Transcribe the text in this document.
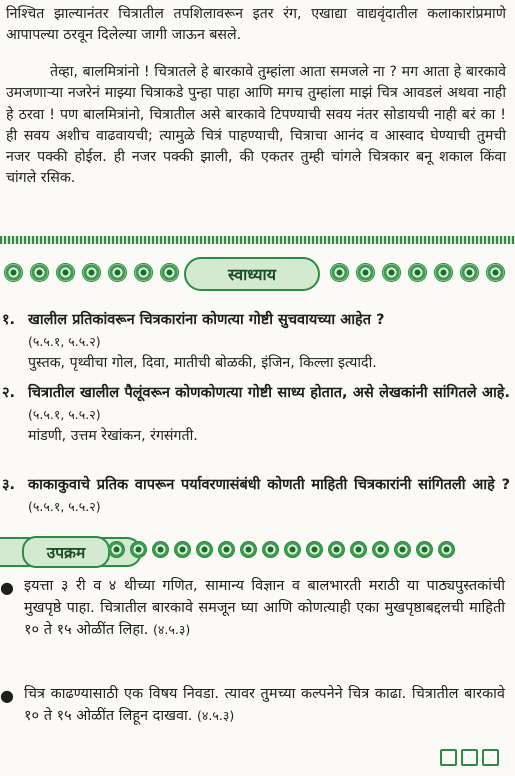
निश्चित झाल्यानंतर चित्रातील तपशिलावरून इतर रंग, एखाद्या वाद्यवृंदातील कलाकारांप्रमाणे आपापल्या ठरवून दिलेल्या जागी जाऊन बसले.

तेव्हा, बालमित्रांनो ! चित्रातले हे बारकावे तुम्हांला आता समजले ना ? मग आता हे बारकावे उमजणाऱ्या नजरेनं माझ्या चित्राकडे पुन्हा पाहा आणि मगच तुम्हांला माझं चित्र आवडलं अथवा नाही हे ठरवा ! पण बालमित्रांनो, चित्रातील असे बारकावे टिपण्याची सवय नंतर सोडायची नाही बरं का ! ही सवय अशीच वाढवायची; त्यामुळे चित्रं पाहण्याची, चित्राचा आनंद व आस्वाद घेण्याची तुमची नजर पक्की होईल. ही नजर पक्की झाली, की एकतर तुम्ही चांगले चित्रकार बनू शकाल किंवा चांगले रसिक.

स्वाध्याय
१. खालील प्रतिकांवरून चित्रकारांना कोणत्या गोष्टी सुचवायच्या आहेत ?
(५.५.१, ५.५.२)
पुस्तक, पृथ्वीचा गोल, दिवा, मातीची बोळकी, इंजिन, किल्ला इत्यादी.
२. चित्रातील खालील पैलूंवरून कोणकोणत्या गोष्टी साध्य होतात, असे लेखकांनी सांगितले आहे. (५.५.१, ५.५.२)
मांडणी, उत्तम रेखांकन, रंगसंगती.
३. काकाकुवाचे प्रतिक वापरून पर्यावरणासंबंधी कोणती माहिती चित्रकारांनी सांगितली आहे ? (५.५.१, ५.५.२)
उपक्रम
● इयत्ता ३ री व ४ थीच्या गणित, सामान्य विज्ञान व बालभारती मराठी या पाठ्यपुस्तकांची मुखपृष्ठे पाहा. चित्रातील बारकावे समजून घ्या आणि कोणत्याही एका मुखपृष्ठाबद्दलची माहिती १० ते १५ ओळींत लिहा. (४.५.३)
● चित्र काढण्यासाठी एक विषय निवडा. त्यावर तुमच्या कल्पनेने चित्र काढा. चित्रातील बारकावे १० ते १५ ओळींत लिहून दाखवा. (४.५.३)
